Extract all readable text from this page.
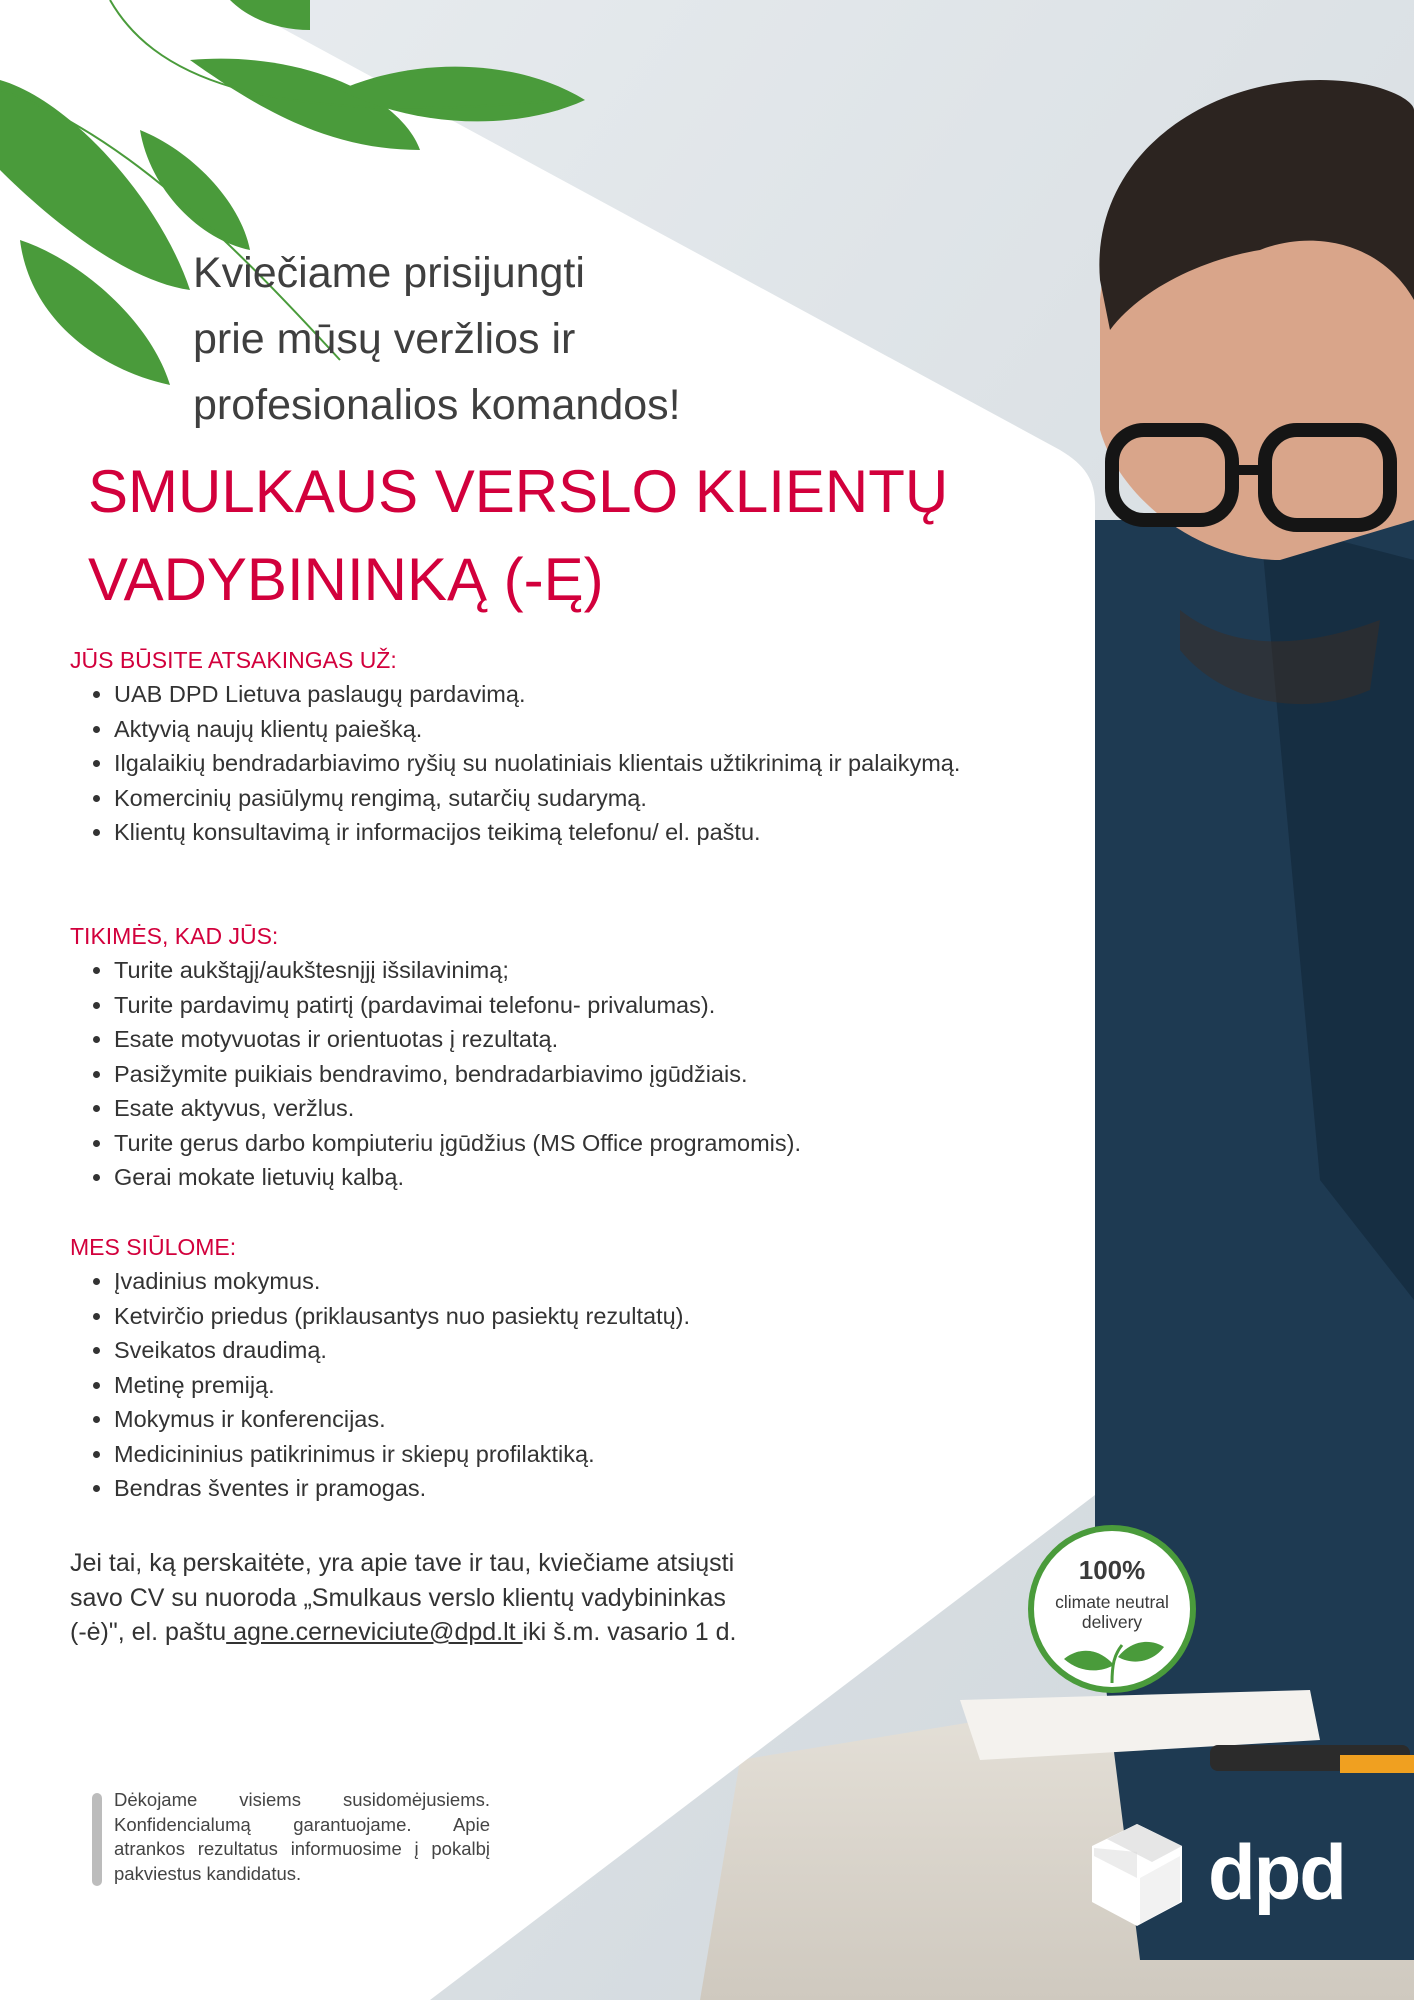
Kviečiame prisijungti
prie mūsų veržlios ir
profesionalios komandos!
SMULKAUS VERSLO KLIENTŲ
VADYBININKĄ (-Ę)
JŪS BŪSITE ATSAKINGAS UŽ:
• UAB DPD Lietuva paslaugų pardavimą.
• Aktyvią naujų klientų paiešką.
• Ilgalaikių bendradarbiavimo ryšių su nuolatiniais klientais užtikrinimą ir palaikymą.
• Komercinių pasiūlymų rengimą, sutarčių sudarymą.
• Klientų konsultavimą ir informacijos teikimą telefonu/ el. paštu.
TIKIMĖS, KAD JŪS:
• Turite aukštąjį/aukštesnįjį išsilavinimą;
• Turite pardavimų patirtį (pardavimai telefonu- privalumas).
• Esate motyvuotas ir orientuotas į rezultatą.
• Pasižymite puikiais bendravimo, bendradarbiavimo įgūdžiais.
• Esate aktyvus, veržlus.
• Turite gerus darbo kompiuteriu įgūdžius (MS Office programomis).
• Gerai mokate lietuvių kalbą.
MES SIŪLOME:
• Įvadinius mokymus.
• Ketvirčio priedus (priklausantys nuo pasiektų rezultatų).
• Sveikatos draudimą.
• Metinę premiją.
• Mokymus ir konferencijas.
• Medicininius patikrinimus ir skiepų profilaktiką.
• Bendras šventes ir pramogas.
Jei tai, ką perskaitėte, yra apie tave ir tau, kviečiame atsiųsti
savo CV su nuoroda „Smulkaus verslo klientų vadybininkas
(-ė)", el. paštu agne.cerneviciute@dpd.lt iki š.m. vasario 1 d.
Dėkojame visiems susidomėjusiems. Konfidencialumą garantuojame. Apie atrankos rezultatus informuosime į pokalbį pakviestus kandidatus.
100%
climate neutral
delivery
dpd
